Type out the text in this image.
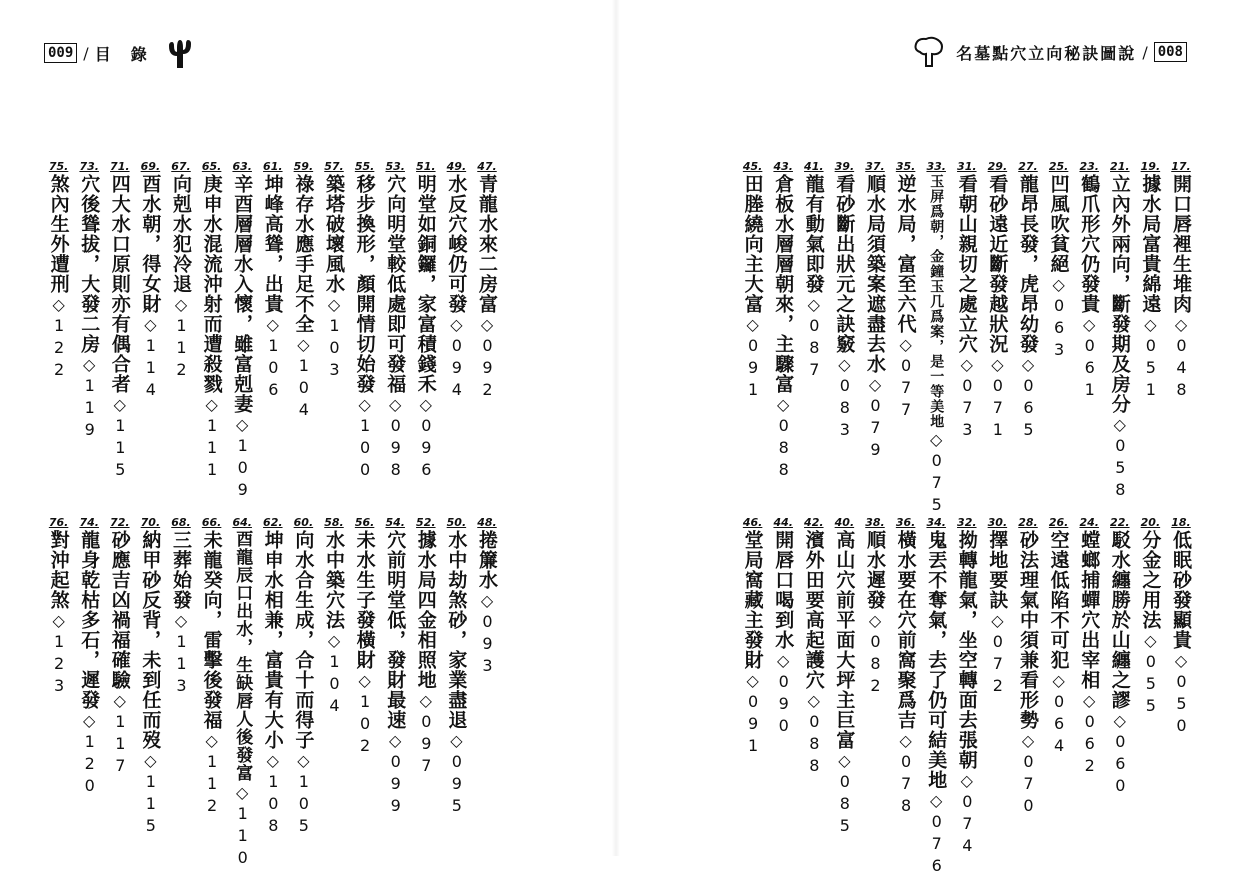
009 / 目　錄
47.
青龍水來二房富
◇
092
49.
水反穴峻仍可發
◇
094
51.
明堂如銅鑼，家富積錢禾
◇
096
53.
穴向明堂較低處即可發福
◇
098
55.
移步換形，顏開情切始發
◇
100
57.
築塔破壞風水
◇
103
59.
祿存水應手足不全
◇
104
61.
坤峰高聳，出貴
◇
106
63.
辛酉層層水入懷，雖富剋妻
◇
109
65.
庚申水混流沖射而遭殺戮
◇
111
67.
向剋水犯冷退
◇
112
69.
酉水朝，得女財
◇
114
71.
四大水口原則亦有偶合者
◇
115
73.
穴後聳拔，大發二房
◇
119
75.
煞內生外遭刑
◇
122
48.
捲簾水
◇
093
50.
水中劫煞砂，家業盡退
◇
095
52.
據水局四金相照地
◇
097
54.
穴前明堂低，發財最速
◇
099
56.
未水生子發橫財
◇
102
58.
水中築穴法
◇
104
60.
向水合生成，合十而得子
◇
105
62.
坤申水相兼，富貴有大小
◇
108
64.
酉龍辰口出水，生缺唇人後發富
◇
110
66.
未龍癸向，雷擊後發福
◇
112
68.
三葬始發
◇
113
70.
納甲砂反背，未到任而歿
◇
115
72.
砂應吉凶禍福確驗
◇
117
74.
龍身乾枯多石，遲發
◇
120
76.
對沖起煞
◇
123
名墓點穴立向秘訣圖說 / 008
17.
開口唇裡生堆肉
◇
048
19.
據水局富貴綿遠
◇
051
21.
立內外兩向，斷發期及房分
◇
058
23.
鶴爪形穴仍發貴
◇
061
25.
凹風吹貧絕
◇
063
27.
龍昂長發，虎昂幼發
◇
065
29.
看砂遠近斷發越狀況
◇
071
31.
看朝山親切之處立穴
◇
073
33.
玉屏爲朝，金鐘玉几爲案，是一等美地
◇
075
35.
逆水局，富至六代
◇
077
37.
順水局須築案遮盡去水
◇
079
39.
看砂斷出狀元之訣竅
◇
083
41.
龍有動氣即發
◇
087
43.
倉板水層層朝來，主驟富
◇
088
45.
田塍繞向主大富
◇
091
18.
低眠砂發顯貴
◇
050
20.
分金之用法
◇
055
22.
駁水纏勝於山纏之謬
◇
060
24.
螳螂捕蟬穴出宰相
◇
062
26.
空遠低陷不可犯
◇
064
28.
砂法理氣中須兼看形勢
◇
070
30.
擇地要訣
◇
072
32.
拗轉龍氣，坐空轉面去張朝
◇
074
34.
鬼丟不奪氣，去了仍可結美地
◇
076
36.
橫水要在穴前窩聚爲吉
◇
078
38.
順水遲發
◇
082
40.
高山穴前平面大坪主巨富
◇
085
42.
濱外田要高起護穴
◇
088
44.
開唇口喝到水
◇
090
46.
堂局窩藏主發財
◇
091
